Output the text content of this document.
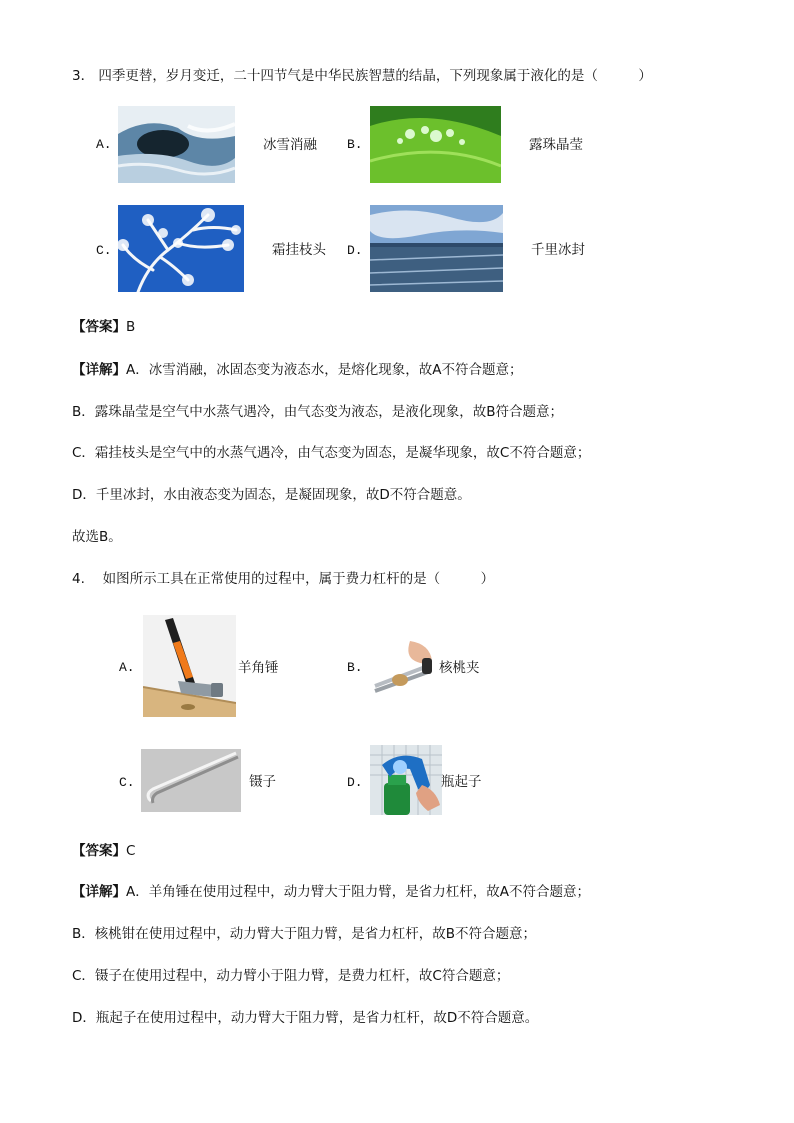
3． 四季更替，岁月变迁，二十四节气是中华民族智慧的结晶，下列现象属于液化的是（　　　）
A.	冰雪消融 B.	露珠晶莹
C.	霜挂枝头 D.	千里冰封
【答案】B
【详解】A．冰雪消融，冰固态变为液态水，是熔化现象，故A不符合题意；
B．露珠晶莹是空气中水蒸气遇冷，由气态变为液态，是液化现象，故B符合题意；
C．霜挂枝头是空气中的水蒸气遇冷，由气态变为固态，是凝华现象，故C不符合题意；
D．千里冰封，水由液态变为固态，是凝固现象，故D不符合题意。
故选B。
4.　 如图所示工具在正常使用的过程中，属于费力杠杆的是（　　　）
A.	羊角锤	B.	核桃夹
C.	镊子	D.	瓶起子
【答案】C
【详解】A．羊角锤在使用过程中，动力臂大于阻力臂，是省力杠杆，故A不符合题意；
B．核桃钳在使用过程中，动力臂大于阻力臂，是省力杠杆，故B不符合题意；
C．镊子在使用过程中，动力臂小于阻力臂，是费力杠杆，故C符合题意；
D．瓶起子在使用过程中，动力臂大于阻力臂，是省力杠杆，故D不符合题意。
